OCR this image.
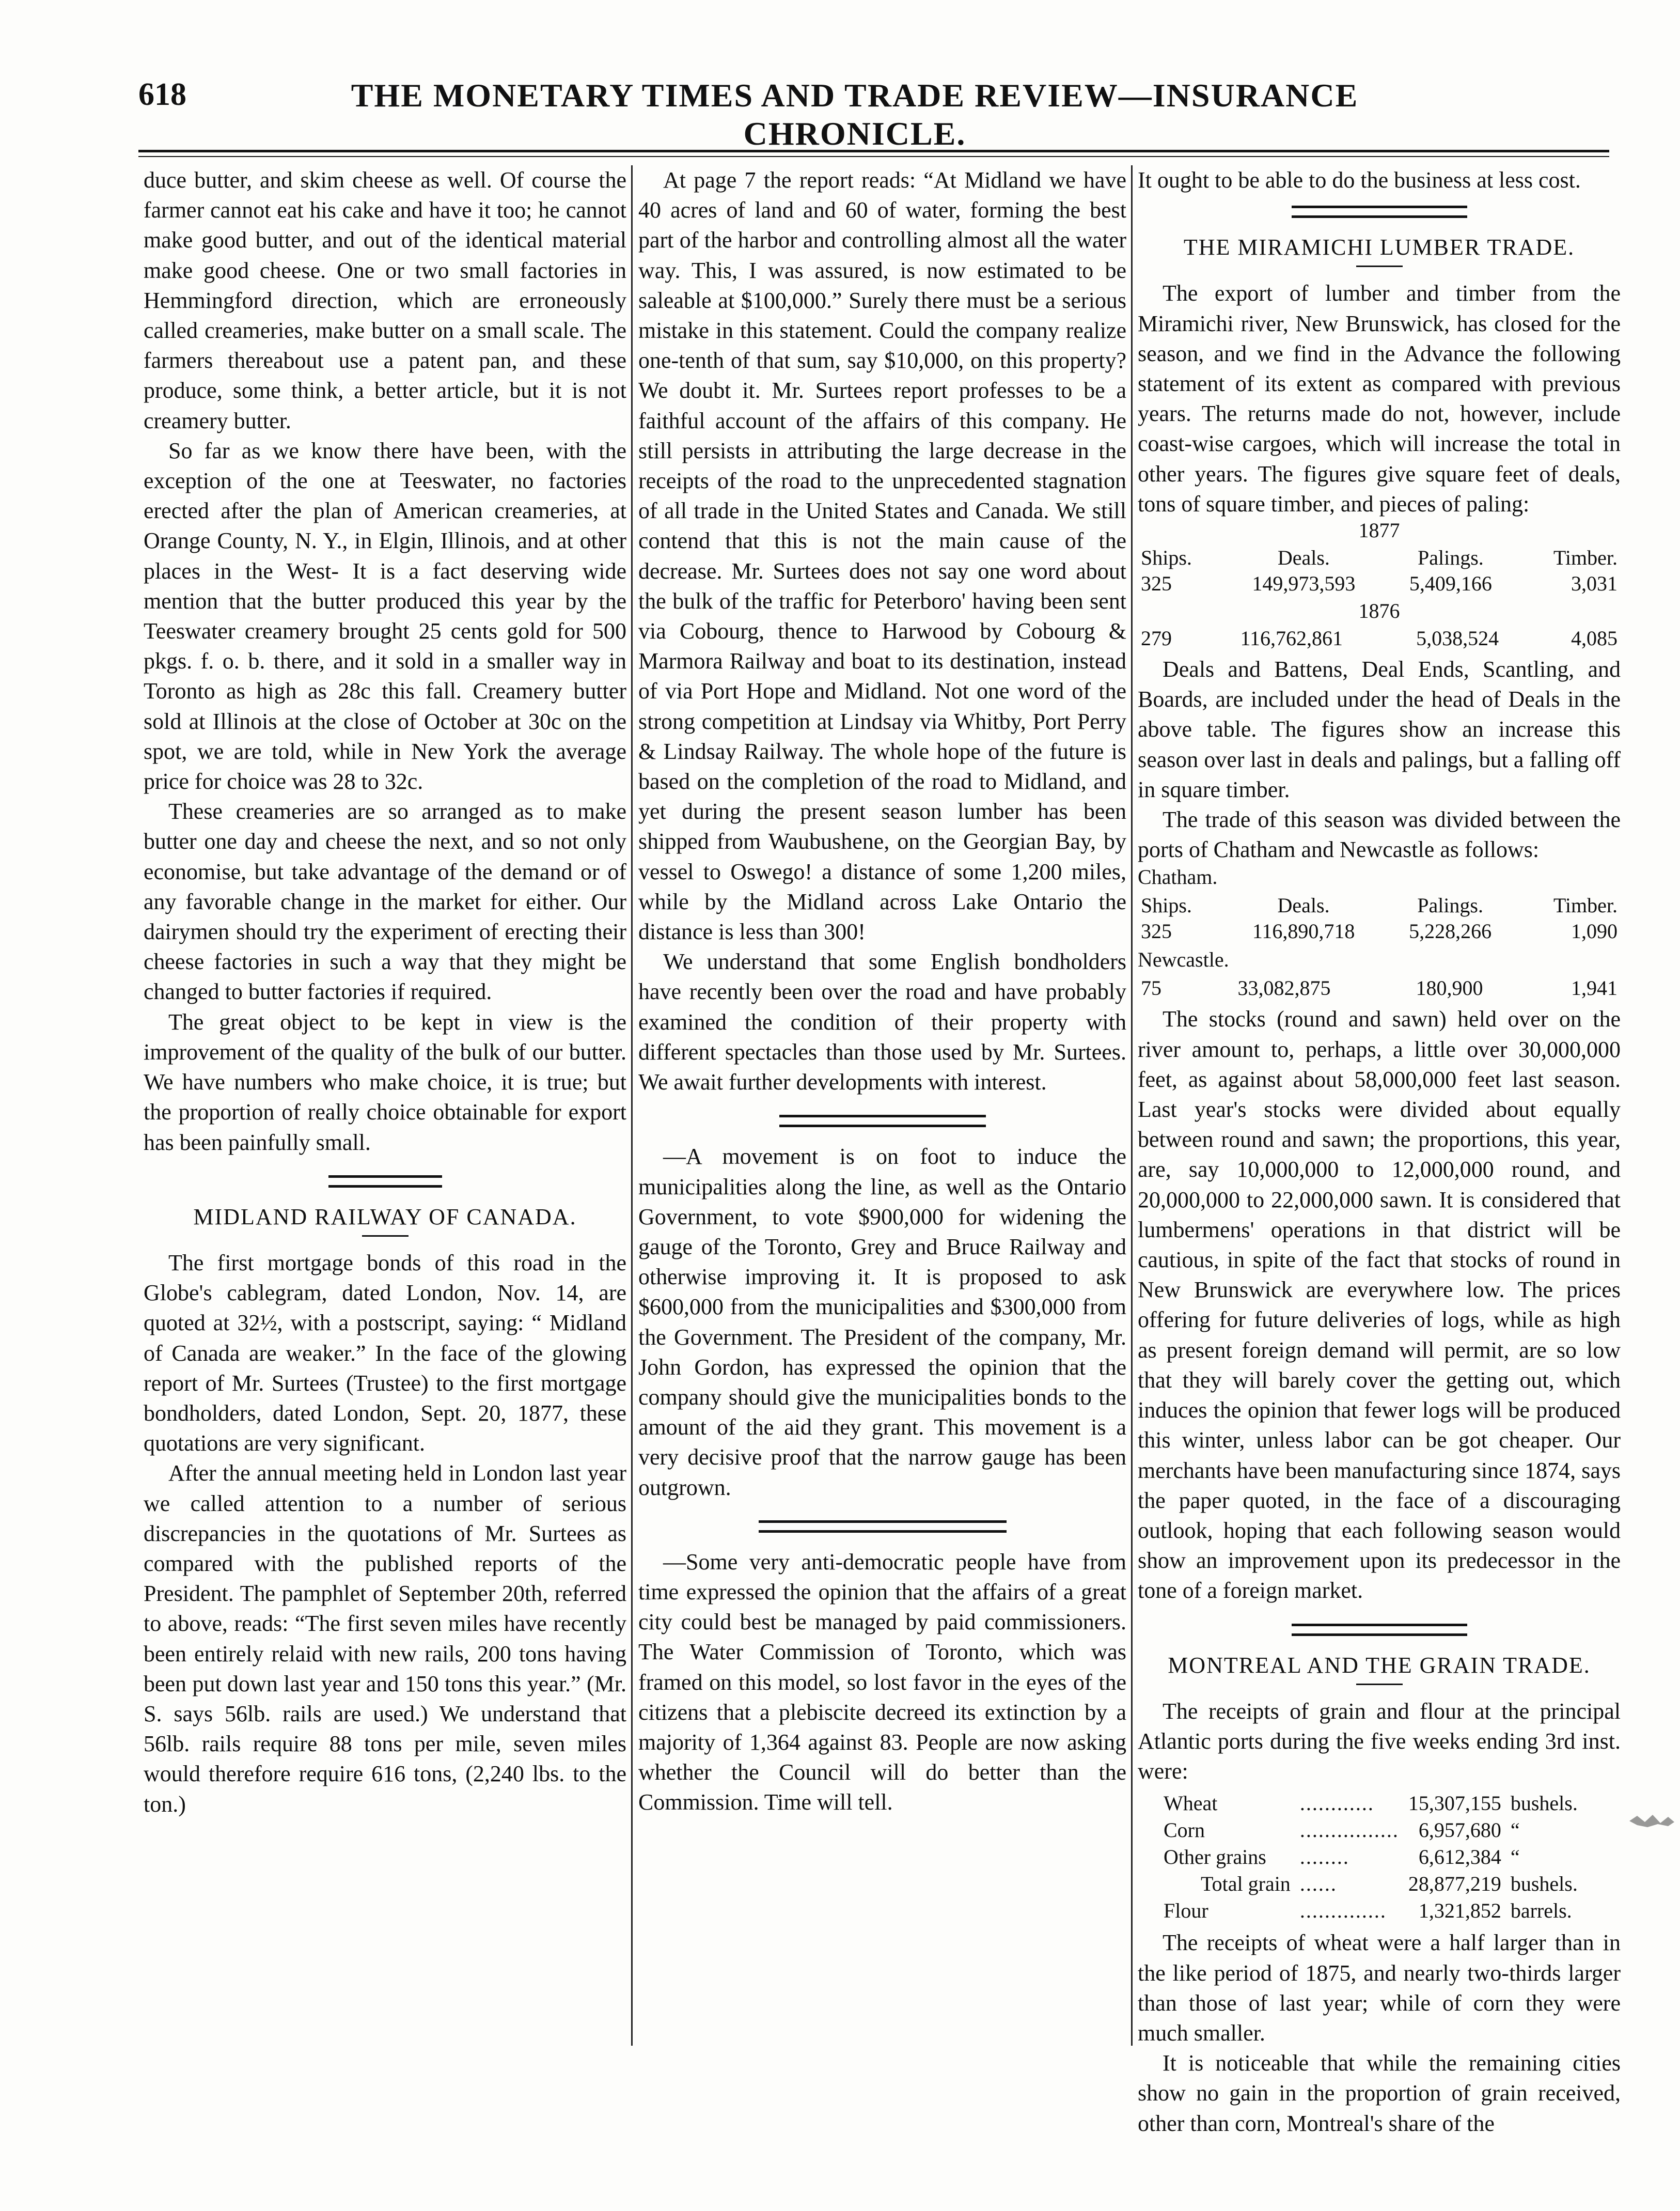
618	THE MONETARY TIMES AND TRADE REVIEW—INSURANCE CHRONICLE.

duce butter, and skim cheese as well. Of course the farmer cannot eat his cake and have it too; he cannot make good butter, and out of the identical material make good cheese. One or two small factories in Hemmingford direction, which are erroneously called creameries, make butter on a small scale. The farmers thereabout use a patent pan, and these produce, some think, a better article, but it is not creamery butter.

So far as we know there have been, with the exception of the one at Teeswater, no factories erected after the plan of American creameries, at Orange County, N. Y., in Elgin, Illinois, and at other places in the West- It is a fact deserving wide mention that the butter produced this year by the Teeswater creamery brought 25 cents gold for 500 pkgs. f. o. b. there, and it sold in a smaller way in Toronto as high as 28c this fall. Creamery butter sold at Illinois at the close of October at 30c on the spot, we are told, while in New York the average price for choice was 28 to 32c.

These creameries are so arranged as to make butter one day and cheese the next, and so not only economise, but take advantage of the demand or of any favorable change in the market for either. Our dairymen should try the experiment of erecting their cheese factories in such a way that they might be changed to butter factories if required.

The great object to be kept in view is the improvement of the quality of the bulk of our butter. We have numbers who make choice, it is true; but the proportion of really choice obtainable for export has been painfully small.

MIDLAND RAILWAY OF CANADA.

The first mortgage bonds of this road in the Globe's cablegram, dated London, Nov. 14, are quoted at 32½, with a postscript, saying: “ Midland of Canada are weaker.” In the face of the glowing report of Mr. Surtees (Trustee) to the first mortgage bondholders, dated London, Sept. 20, 1877, these quotations are very significant.

After the annual meeting held in London last year we called attention to a number of serious discrepancies in the quotations of Mr. Surtees as compared with the published reports of the President. The pamphlet of September 20th, referred to above, reads: “The first seven miles have recently been entirely relaid with new rails, 200 tons having been put down last year and 150 tons this year.” (Mr. S. says 56lb. rails are used.) We understand that 56lb. rails require 88 tons per mile, seven miles would therefore require 616 tons, (2,240 lbs. to the ton.)

At page 7 the report reads: “At Midland we have 40 acres of land and 60 of water, forming the best part of the harbor and controlling almost all the water way. This, I was assured, is now estimated to be saleable at $100,000.” Surely there must be a serious mistake in this statement. Could the company realize one-tenth of that sum, say $10,000, on this property? We doubt it. Mr. Surtees report professes to be a faithful account of the affairs of this company. He still persists in attributing the large decrease in the receipts of the road to the unprecedented stagnation of all trade in the United States and Canada. We still contend that this is not the main cause of the decrease. Mr. Surtees does not say one word about the bulk of the traffic for Peterboro' having been sent via Cobourg, thence to Harwood by Cobourg & Marmora Railway and boat to its destination, instead of via Port Hope and Midland. Not one word of the strong competition at Lindsay via Whitby, Port Perry & Lindsay Railway. The whole hope of the future is based on the completion of the road to Midland, and yet during the present season lumber has been shipped from Waubushene, on the Georgian Bay, by vessel to Oswego! a distance of some 1,200 miles, while by the Midland across Lake Ontario the distance is less than 300!

We understand that some English bondholders have recently been over the road and have probably examined the condition of their property with different spectacles than those used by Mr. Surtees. We await further developments with interest.

—A movement is on foot to induce the municipalities along the line, as well as the Ontario Government, to vote $900,000 for widening the gauge of the Toronto, Grey and Bruce Railway and otherwise improving it. It is proposed to ask $600,000 from the municipalities and $300,000 from the Government. The President of the company, Mr. John Gordon, has expressed the opinion that the company should give the municipalities bonds to the amount of the aid they grant. This movement is a very decisive proof that the narrow gauge has been outgrown.

—Some very anti-democratic people have from time expressed the opinion that the affairs of a great city could best be managed by paid commissioners. The Water Commission of Toronto, which was framed on this model, so lost favor in the eyes of the citizens that a plebiscite decreed its extinction by a majority of 1,364 against 83. People are now asking whether the Council will do better than the Commission. Time will tell.

It ought to be able to do the business at less cost.

THE MIRAMICHI LUMBER TRADE.

The export of lumber and timber from the Miramichi river, New Brunswick, has closed for the season, and we find in the Advance the following statement of its extent as compared with previous years. The returns made do not, however, include coast-wise cargoes, which will increase the total in other years. The figures give square feet of deals, tons of square timber, and pieces of paling:

1877
Ships.	Deals.	Palings.	Timber.
325	149,973,593	5,409,166	3,031
1876
279	116,762,861	5,038,524	4,085

Deals and Battens, Deal Ends, Scantling, and Boards, are included under the head of Deals in the above table. The figures show an increase this season over last in deals and palings, but a falling off in square timber.

The trade of this season was divided between the ports of Chatham and Newcastle as follows:

Chatham.
Ships.	Deals.	Palings.	Timber.
325	116,890,718	5,228,266	1,090
Newcastle.
75	33,082,875	180,900	1,941

The stocks (round and sawn) held over on the river amount to, perhaps, a little over 30,000,000 feet, as against about 58,000,000 feet last season. Last year's stocks were divided about equally between round and sawn; the proportions, this year, are, say 10,000,000 to 12,000,000 round, and 20,000,000 to 22,000,000 sawn. It is considered that lumbermens' operations in that district will be cautious, in spite of the fact that stocks of round in New Brunswick are everywhere low. The prices offering for future deliveries of logs, while as high as present foreign demand will permit, are so low that they will barely cover the getting out, which induces the opinion that fewer logs will be produced this winter, unless labor can be got cheaper. Our merchants have been manufacturing since 1874, says the paper quoted, in the face of a discouraging outlook, hoping that each following season would show an improvement upon its predecessor in the tone of a foreign market.

MONTREAL AND THE GRAIN TRADE.

The receipts of grain and flour at the principal Atlantic ports during the five weeks ending 3rd inst. were:

Wheat	............	15,307,155	bushels.
Corn	................	6,957,680	“
Other grains	........	6,612,384	“
Total grain	......	28,877,219	bushels.
Flour	..............	1,321,852	barrels.

The receipts of wheat were a half larger than in the like period of 1875, and nearly two-thirds larger than those of last year; while of corn they were much smaller.

It is noticeable that while the remaining cities show no gain in the proportion of grain received, other than corn, Montreal's share of the
